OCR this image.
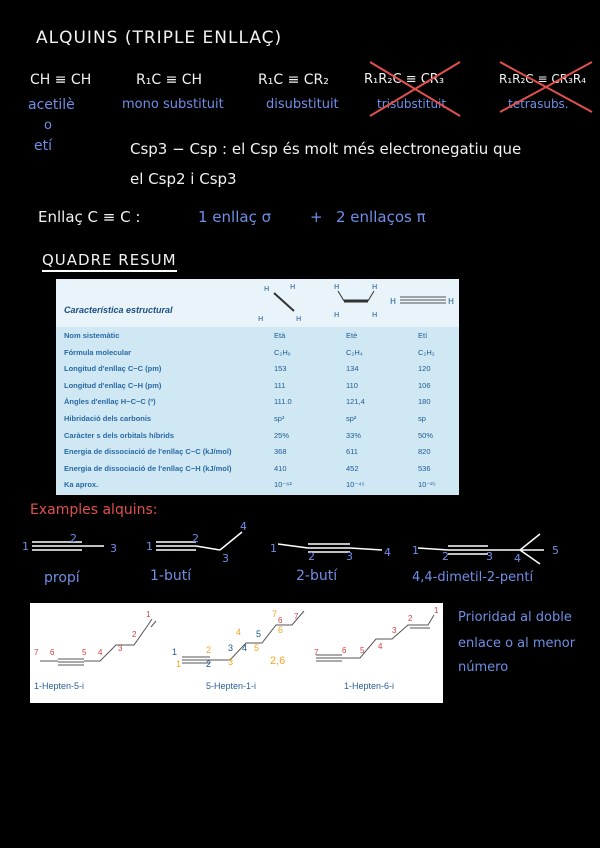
ALQUINS (TRIPLE ENLLAÇ)
CH ≡ CH	R₁C ≡ CH	R₁C ≡ CR₂	R₁R₂C ≡ CR₃	R₁R₂C ≡ CR₃R₄
acetilè
o
etí
mono substituit	disubstituit	trisubstituit	tetrasubs.
Csp3 − Csp : el Csp és molt més electronegatiu que
el Csp2 i Csp3
Enllaç C ≡ C :	1 enllaç σ	+ 2 enllaços π
QUADRE RESUM
Característica estructural
H	H
H	H
H	H
H	H
H	H
Nom sistemàtic	Età	Etè	Etí
Fórmula molecular	C₂H₆	C₂H₄	C₂H₂
Longitud d'enllaç C−C (pm)	153	134	120
Longitud d'enllaç C−H (pm)	111	110	106
Àngles d'enllaç H−C−C (º)	111.0	121,4	180
Hibridació dels carbonis	sp³	sp²	sp
Caràcter s dels orbitals híbrids	25%	33%	50%
Energia de dissociació de l'enllaç C−C (kJ/mol)	368	611	820
Energia de dissociació de l'enllaç C−H (kJ/mol)	410	452	536
Ka aprox.	10⁻⁶²	10⁻⁴⁵	10⁻²⁵
Examples alquins:
1
2
3	1
2
3
4
1
2	3	4 1 2	3 4
5
propí	1-butí	2-butí	4,4-dimetil-2-pentí
7 6	5 4 3
2
1
6 7
7	6 5 4
3
2
1
1
2
3
4
5
7
6
1
2
3 4
5
1-Hepten-5-i	5-Hepten-1-i	1-Hepten-6-i
2,6
Prioridad al doble
enlace o al menor
número
